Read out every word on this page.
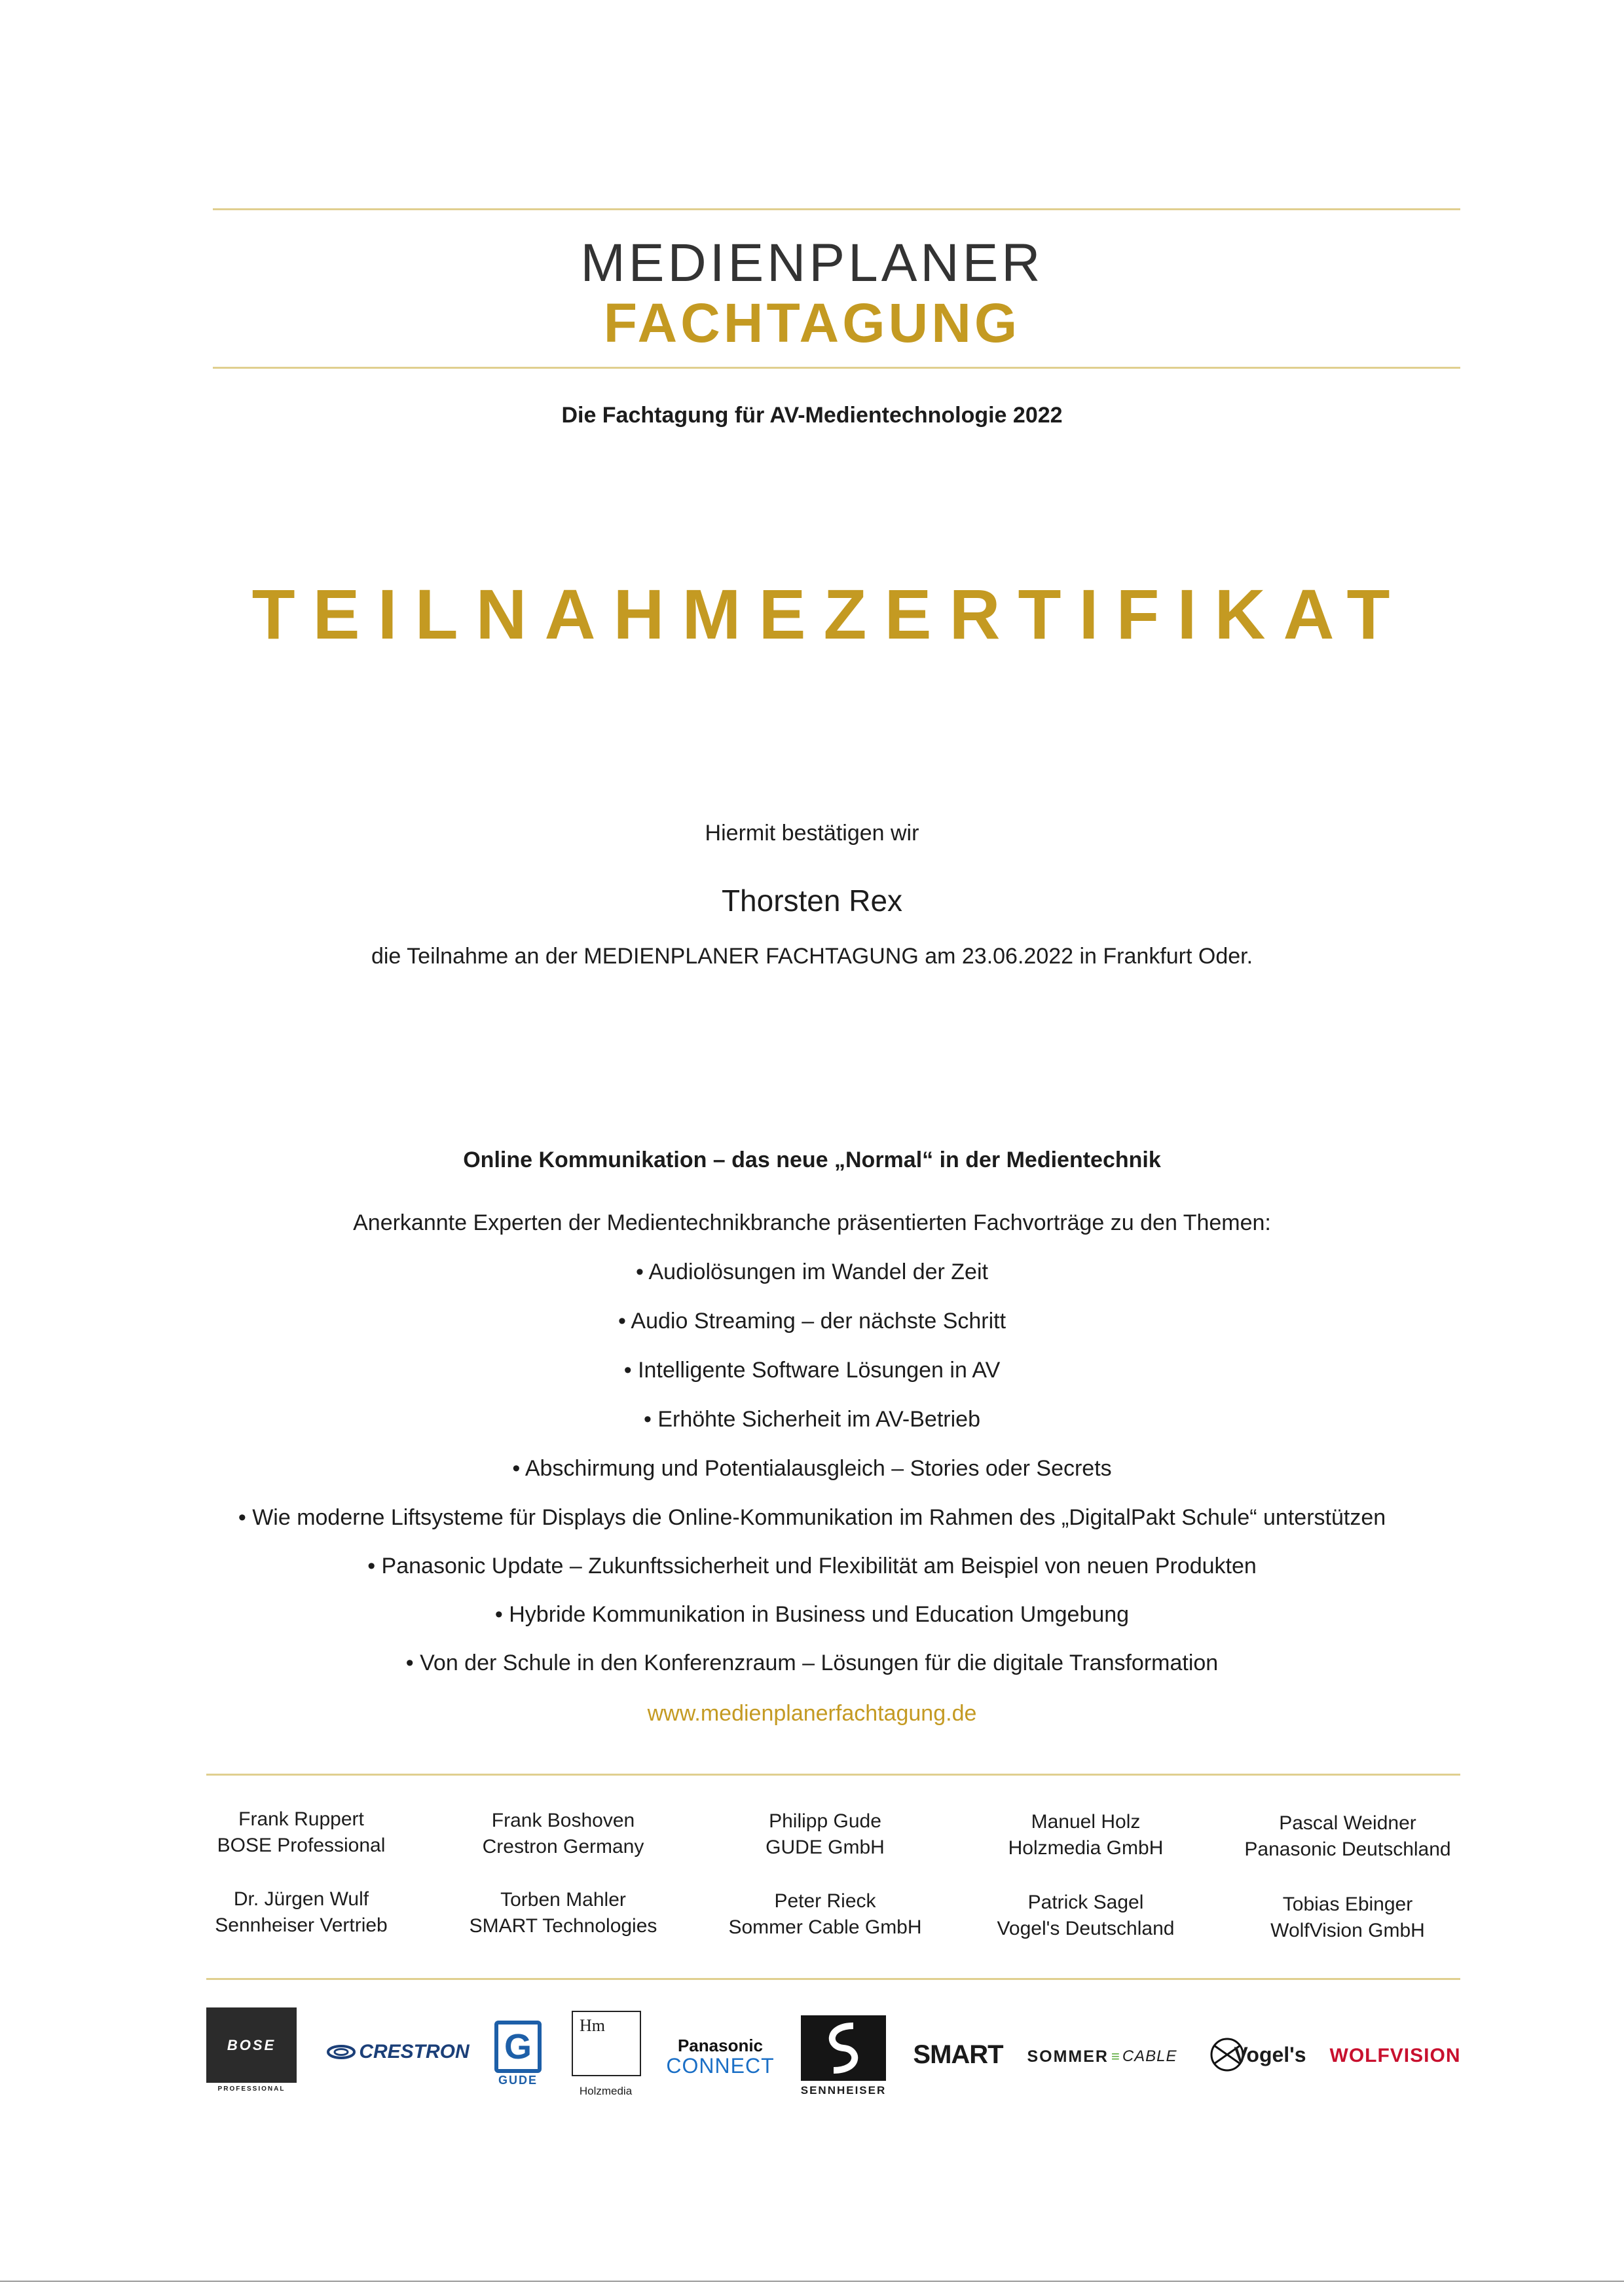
MEDIENPLANER
FACHTAGUNG
Die Fachtagung für AV-Medientechnologie 2022
TEILNAHMEZERTIFIKAT
Hiermit bestätigen wir
Thorsten Rex
die Teilnahme an der MEDIENPLANER FACHTAGUNG am 23.06.2022 in Frankfurt Oder.
Online Kommunikation – das neue „Normal“ in der Medientechnik
Anerkannte Experten der Medientechnikbranche präsentierten Fachvorträge zu den Themen:
• Audiolösungen im Wandel der Zeit
• Audio Streaming – der nächste Schritt
• Intelligente Software Lösungen in AV
• Erhöhte Sicherheit im AV-Betrieb
• Abschirmung und Potentialausgleich – Stories oder Secrets
• Wie moderne Liftsysteme für Displays die Online-Kommunikation im Rahmen des „DigitalPakt Schule“ unterstützen
• Panasonic Update – Zukunftssicherheit und Flexibilität am Beispiel von neuen Produkten
• Hybride Kommunikation in Business und Education Umgebung
• Von der Schule in den Konferenzraum – Lösungen für die digitale Transformation
www.medienplanerfachtagung.de
Frank Ruppert
BOSE Professional
Frank Boshoven
Crestron Germany
Philipp Gude
GUDE GmbH
Manuel Holz
Holzmedia GmbH
Pascal Weidner
Panasonic Deutschland
Dr. Jürgen Wulf
Sennheiser Vertrieb
Torben Mahler
SMART Technologies
Peter Rieck
Sommer Cable GmbH
Patrick Sagel
Vogel's Deutschland
Tobias Ebinger
WolfVision GmbH
BOSE
PROFESSIONAL
CRESTRON G
GUDE
Hm
Holzmedia
Panasonic
CONNECT
SENNHEISER
SMART SOMMER ≡ CABLE	Vogel's WOLFVISION
